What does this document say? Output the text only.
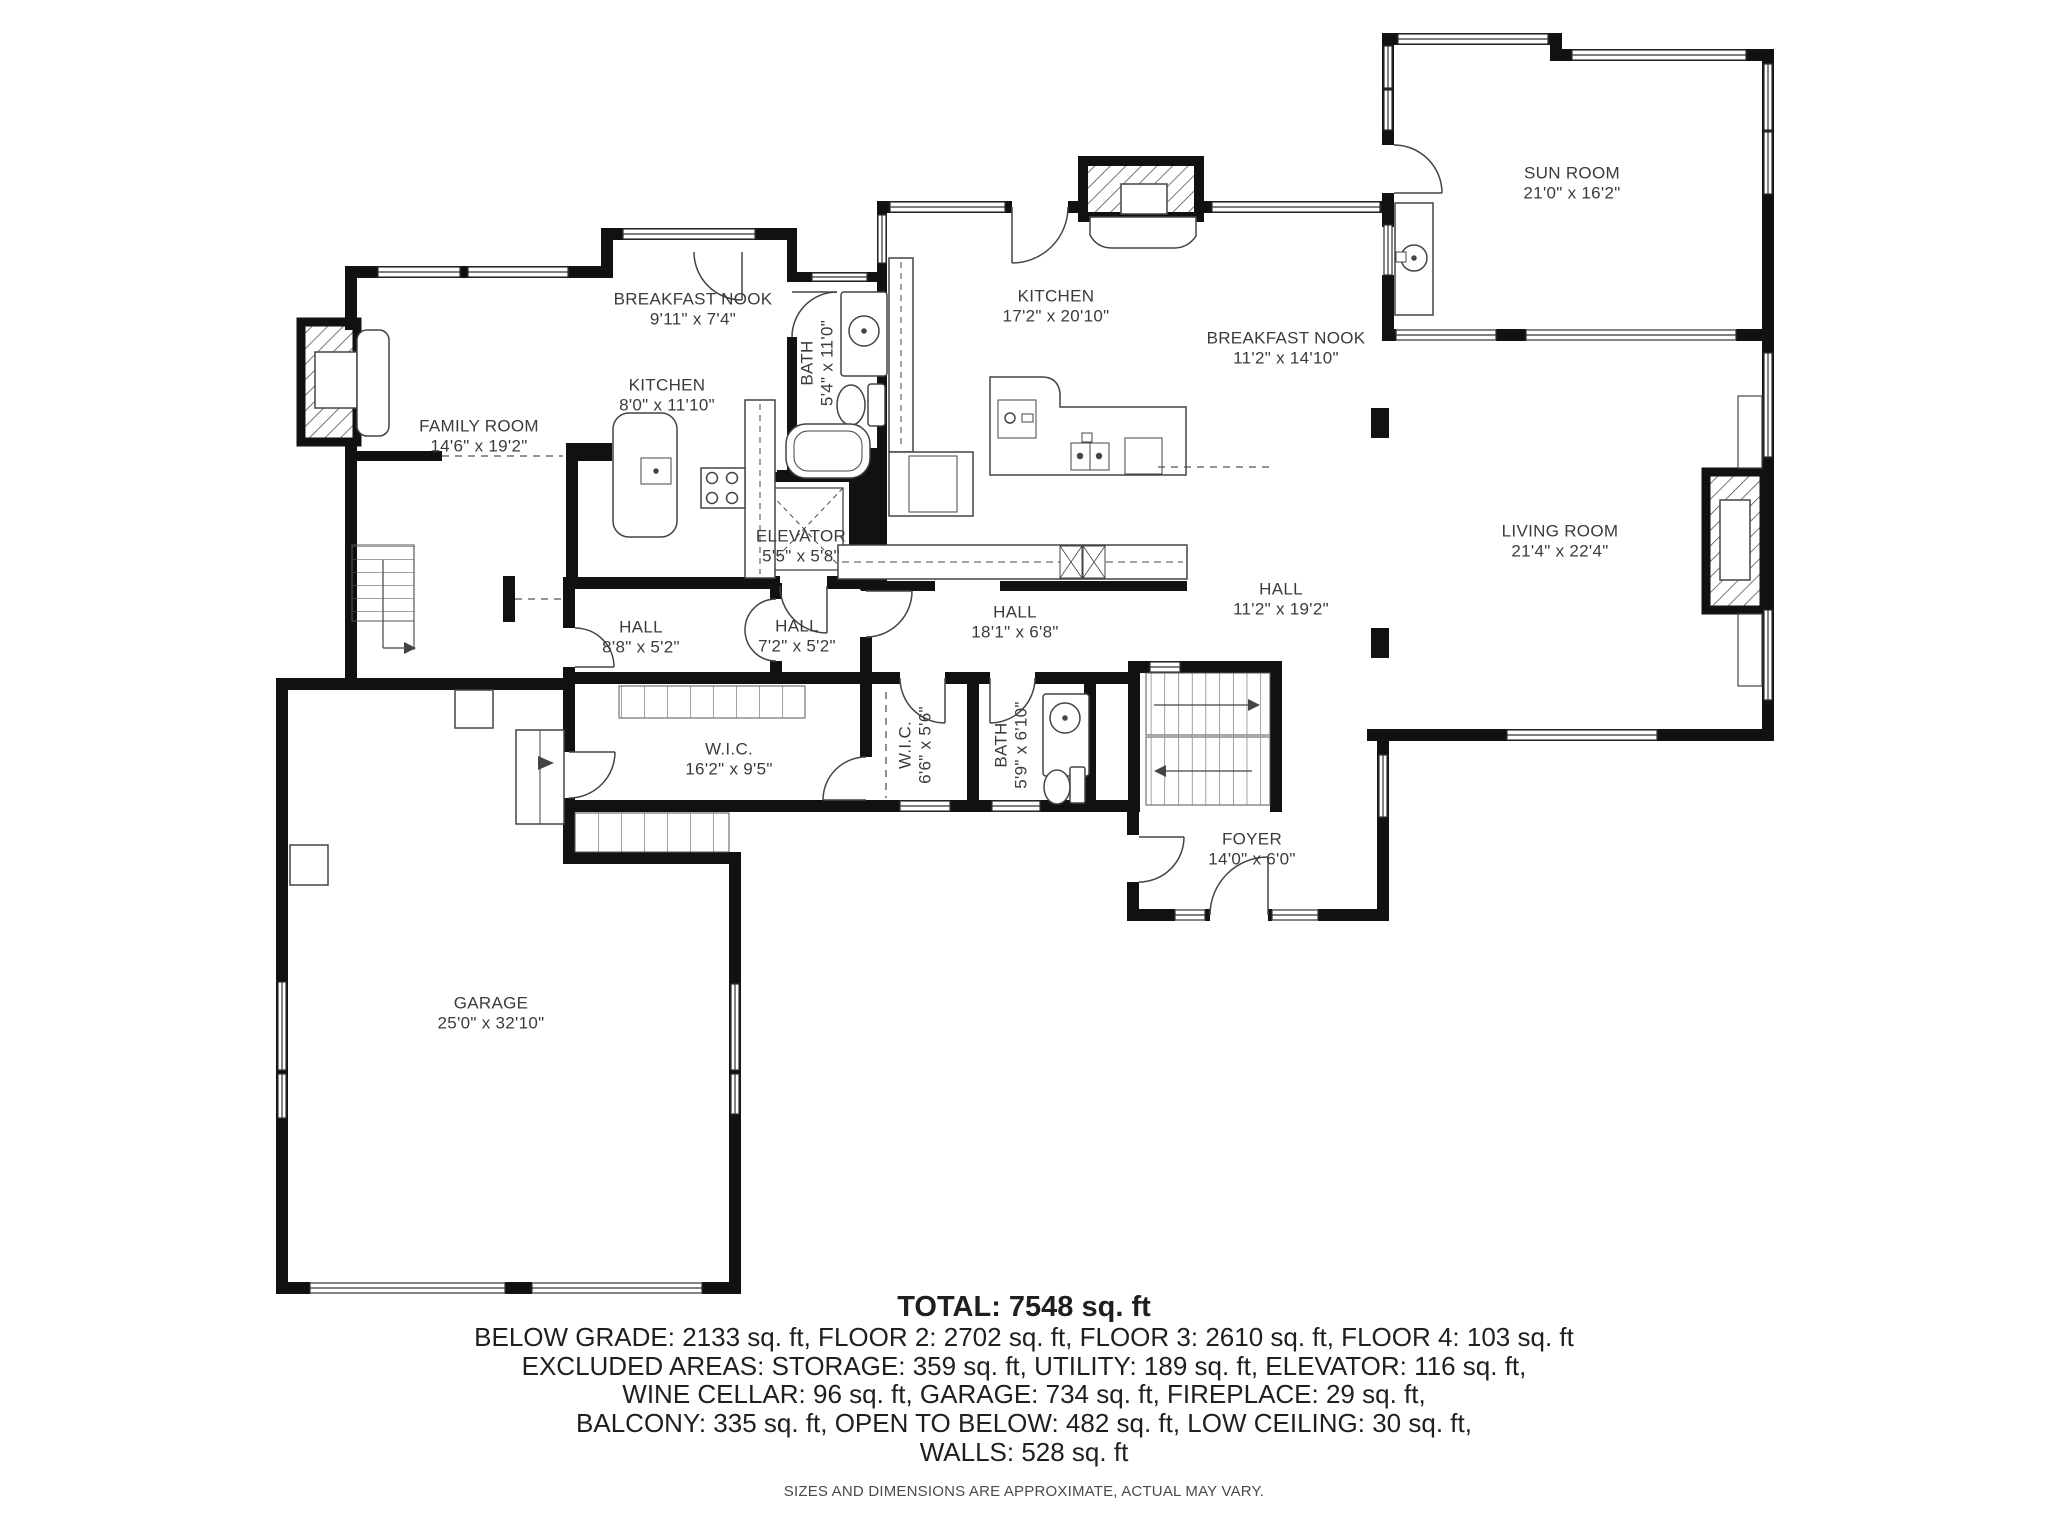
SUN ROOM
21'0" x 16'2"
KITCHEN
17'2" x 20'10"
BREAKFAST NOOK
11'2" x 14'10"
BREAKFAST NOOK
9'11" x 7'4"
KITCHEN
8'0" x 11'10"
FAMILY ROOM
14'6" x 19'2"
BATH 5'4" x 11'0"
ELEVATOR
5'5" x 5'8"
LIVING ROOM
21'4" x 22'4"
HALL
8'8" x 5'2"
HALL
7'2" x 5'2"
HALL
18'1" x 6'8"
HALL
11'2" x 19'2"
W.I.C.
16'2" x 9'5"	W.I.C. 6'6" x 5'6"	BATH 5'9" x 6'10"
FOYER
14'0" x 6'0"
GARAGE
25'0" x 32'10"
TOTAL: 7548 sq. ft
BELOW GRADE: 2133 sq. ft, FLOOR 2: 2702 sq. ft, FLOOR 3: 2610 sq. ft, FLOOR 4: 103 sq. ft
EXCLUDED AREAS: STORAGE: 359 sq. ft, UTILITY: 189 sq. ft, ELEVATOR: 116 sq. ft,
WINE CELLAR: 96 sq. ft, GARAGE: 734 sq. ft, FIREPLACE: 29 sq. ft,
BALCONY: 335 sq. ft, OPEN TO BELOW: 482 sq. ft, LOW CEILING: 30 sq. ft,
WALLS: 528 sq. ft
SIZES AND DIMENSIONS ARE APPROXIMATE, ACTUAL MAY VARY.
